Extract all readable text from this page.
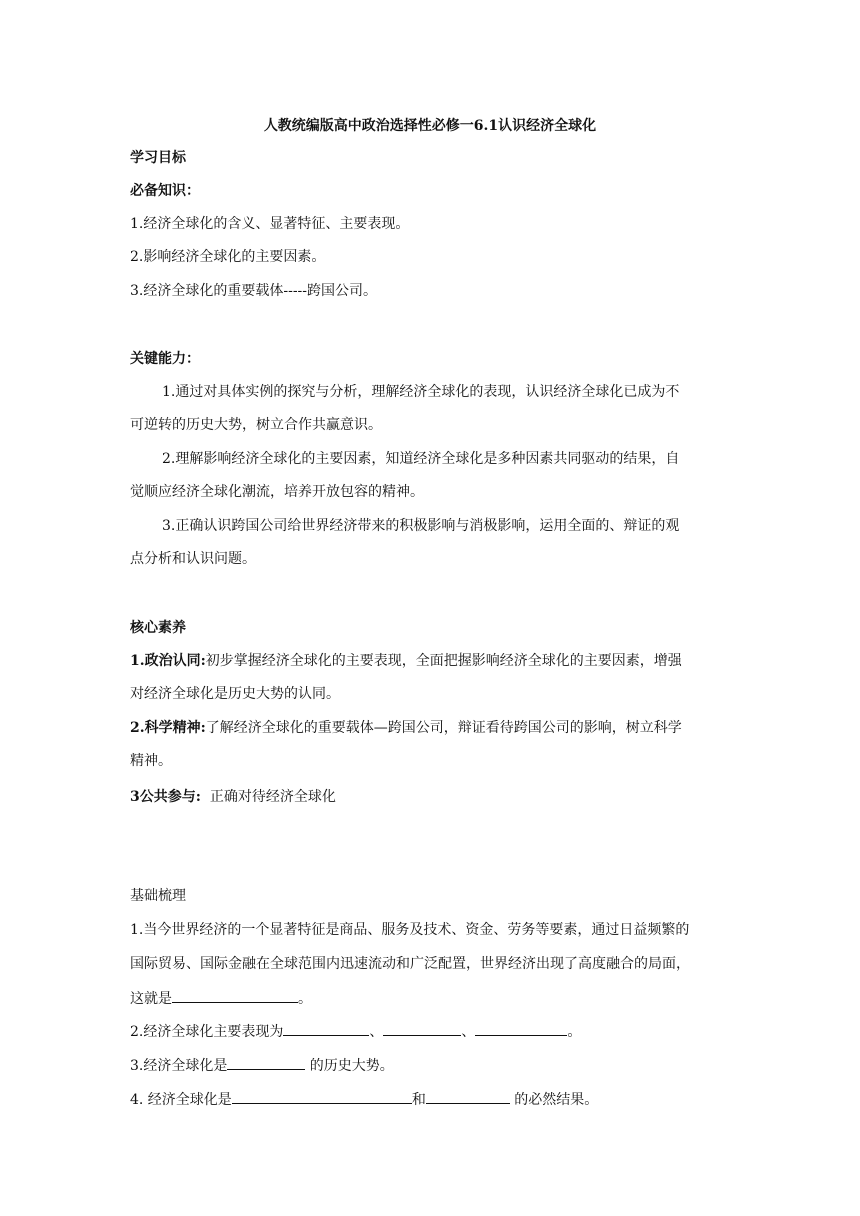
人教统编版高中政治选择性必修一6.1认识经济全球化
学习目标
必备知识：
1.经济全球化的含义、显著特征、主要表现。
2.影响经济全球化的主要因素。
3.经济全球化的重要载体-----跨国公司。
关键能力：
1.通过对具体实例的探究与分析，理解经济全球化的表现，认识经济全球化已成为不
可逆转的历史大势，树立合作共赢意识。
2.理解影响经济全球化的主要因素，知道经济全球化是多种因素共同驱动的结果，自
觉顺应经济全球化潮流，培养开放包容的精神。
3.正确认识跨国公司给世界经济带来的积极影响与消极影响，运用全面的、辩证的观
点分析和认识问题。
核心素养
1.政治认同:初步掌握经济全球化的主要表现，全面把握影响经济全球化的主要因素，增强
对经济全球化是历史大势的认同。
2.科学精神:了解经济全球化的重要载体—跨国公司，辩证看待跨国公司的影响，树立科学
精神。
3公共参与: 正确对待经济全球化
基础梳理
1.当今世界经济的一个显著特征是商品、服务及技术、资金、劳务等要素，通过日益频繁的
国际贸易、国际金融在全球范围内迅速流动和广泛配置，世界经济出现了高度融合的局面，
这就是	。
2.经济全球化主要表现为	、	、	。
3.经济全球化是	的历史大势。
4. 经济全球化是	和	的必然结果。
